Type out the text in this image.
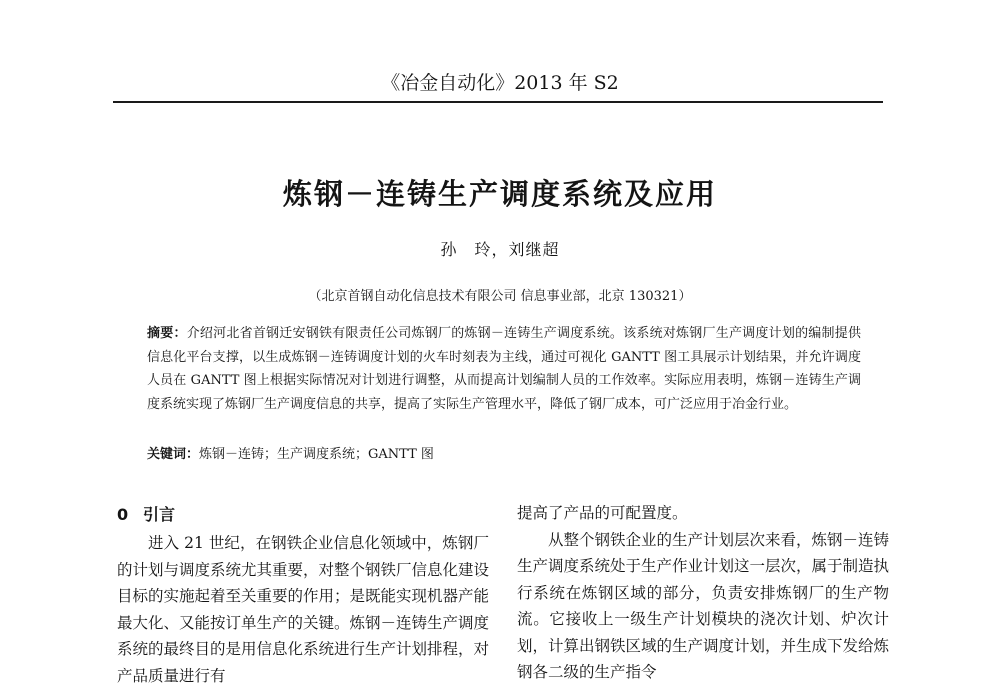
《冶金自动化》2013 年 S2
炼钢－连铸生产调度系统及应用
孙　玲，刘继超
（北京首钢自动化信息技术有限公司 信息事业部，北京 130321）

摘要：介绍河北省首钢迁安钢铁有限责任公司炼钢厂的炼钢－连铸生产调度系统。该系统对炼钢厂生产调度计划的编制提供信息化平台支撑，以生成炼钢－连铸调度计划的火车时刻表为主线，通过可视化 GANTT 图工具展示计划结果，并允许调度人员在 GANTT 图上根据实际情况对计划进行调整，从而提高计划编制人员的工作效率。实际应用表明，炼钢－连铸生产调度系统实现了炼钢厂生产调度信息的共享，提高了实际生产管理水平，降低了钢厂成本，可广泛应用于冶金行业。

关键词：炼钢－连铸；生产调度系统；GANTT 图
0 引言

进入 21 世纪，在钢铁企业信息化领域中，炼钢厂的计划与调度系统尤其重要，对整个钢铁厂信息化建设目标的实施起着至关重要的作用；是既能实现机器产能最大化、又能按订单生产的关键。炼钢－连铸生产调度系统的最终目的是用信息化系统进行生产计划排程，对产品质量进行有

提高了产品的可配置度。

从整个钢铁企业的生产计划层次来看，炼钢－连铸生产调度系统处于生产作业计划这一层次，属于制造执行系统在炼钢区域的部分，负责安排炼钢厂的生产物流。它接收上一级生产计划模块的浇次计划、炉次计划，计算出钢铁区域的生产调度计划，并生成下发给炼钢各二级的生产指令
